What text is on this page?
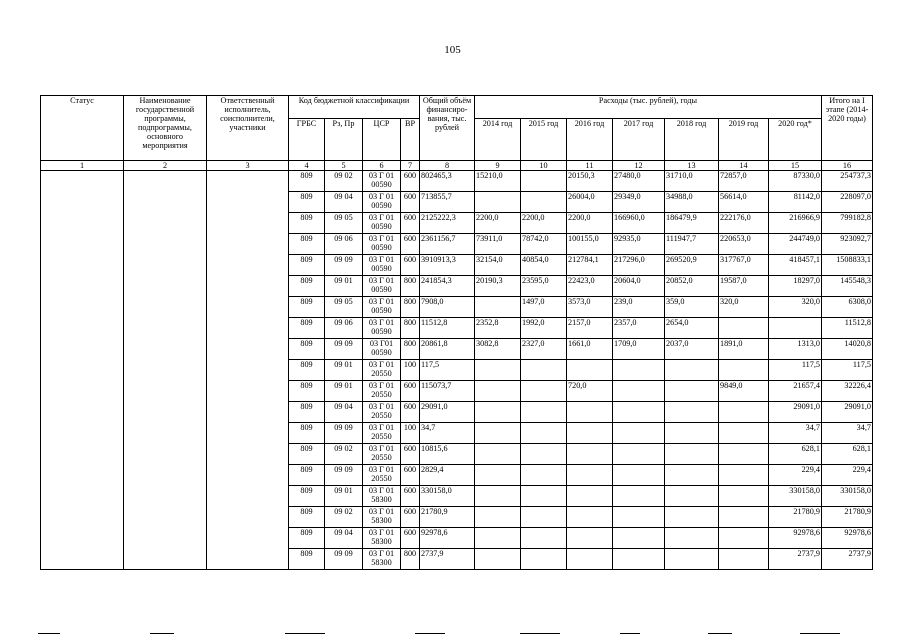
105
Статус	Наименование государственной программы, подпрограммы, основного мероприятия	Ответственный исполнитель, соисполнители, участники	Код бюджетной классификации				Общий объём финансиро-вания, тыс. рублей	Расходы (тыс. рублей), годы							Итого на I этапе (2014-2020 годы)
			ГРБС	Рз, Пр	ЦСР	ВР		2014 год	2015 год	2016 год	2017 год	2018 год	2019 год	2020 год*	
1	2	3	4	5	6	7	8	9	10	11	12	13	14	15	16
			809	09 02	03 Г 01
00590	600	802465,3	15210,0		20150,3	27480,0	31710,0	72857,0	87330,0	254737,3
			809	09 04	03 Г 01
00590	600	713855,7			26004,0	29349,0	34988,0	56614,0	81142,0	228097,0
			809	09 05	03 Г 01
00590	600	2125222,3	2200,0	2200,0	2200,0	166960,0	186479,9	222176,0	216966,9	799182,8
			809	09 06	03 Г 01
00590	600	2361156,7	73911,0	78742,0	100155,0	92935,0	111947,7	220653,0	244749,0	923092,7
			809	09 09	03 Г 01
00590	600	3910913,3	32154,0	40854,0	212784,1	217296,0	269520,9	317767,0	418457,1	1508833,1
			809	09 01	03 Г 01
00590	800	241854,3	20190,3	23595,0	22423,0	20604,0	20852,0	19587,0	18297,0	145548,3
			809	09 05	03 Г 01
00590	800	7908,0		1497,0	3573,0	239,0	359,0	320,0	320,0	6308,0
			809	09 06	03 Г 01
00590	800	11512,8	2352,8	1992,0	2157,0	2357,0	2654,0			11512,8
			809	09 09	03 Г01
00590	800	20861,8	3082,8	2327,0	1661,0	1709,0	2037,0	1891,0	1313,0	14020,8
			809	09 01	03 Г 01
20550	100	117,5							117,5	117,5
			809	09 01	03 Г 01
20550	600	115073,7			720,0			9849,0	21657,4	32226,4
			809	09 04	03 Г 01
20550	600	29091,0							29091,0	29091,0
			809	09 09	03 Г 01
20550	100	34,7							34,7	34,7
			809	09 02	03 Г 01
20550	600	10815,6							628,1	628,1
			809	09 09	03 Г 01
20550	600	2829,4							229,4	229,4
			809	09 01	03 Г 01
58300	600	330158,0							330158,0	330158,0
			809	09 02	03 Г 01
58300	600	21780,9							21780,9	21780,9
			809	09 04	03 Г 01
58300	600	92978,6							92978,6	92978,6
			809	09 09	03 Г 01
58300	800	2737,9							2737,9	2737,9
